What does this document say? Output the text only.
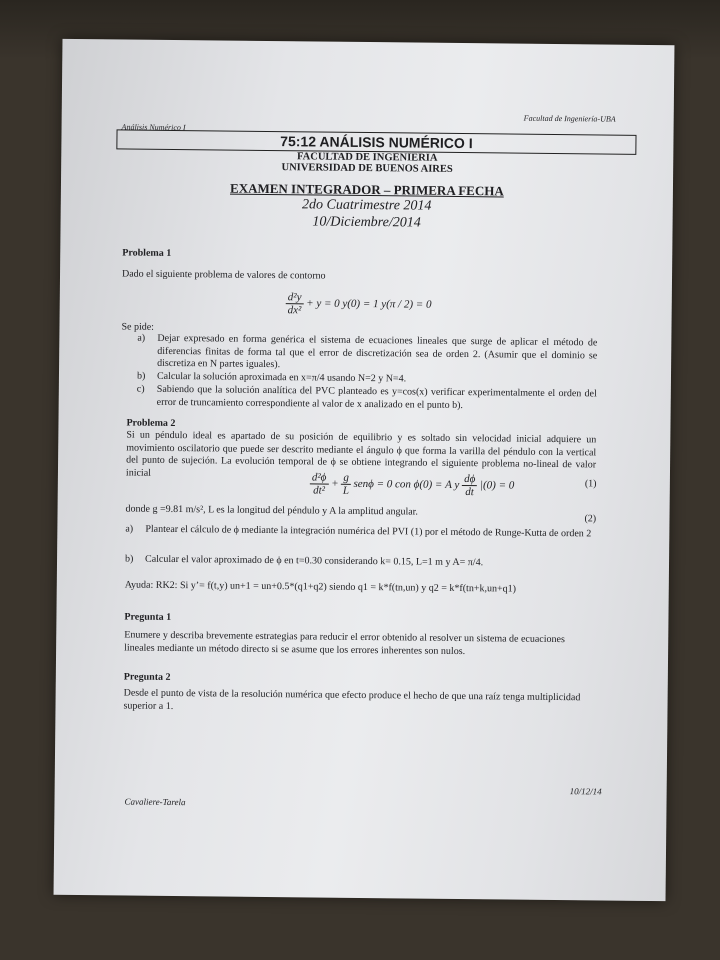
Análisis Numérico I
Facultad de Ingeniería-UBA
75:12 ANÁLISIS NUMÉRICO I
FACULTAD DE INGENIERIA
UNIVERSIDAD DE BUENOS AIRES
EXAMEN INTEGRADOR – PRIMERA FECHA
2do Cuatrimestre 2014
10/Diciembre/2014
Problema 1
Dado el siguiente problema de valores de contorno
$\frac{\text{d²y}}{\text{dx²}} + y = 0$ y(0) = 1 y(π / 2) = 0
Se pide:
a) Dejar expresado en forma genérica el sistema de ecuaciones lineales que surge de aplicar el método de diferencias finitas de forma tal que el error de discretización sea de orden 2. (Asumir que el dominio se discretiza en N partes iguales).
b) Calcular la solución aproximada en x=π/4 usando N=2 y N=4.
c) Sabiendo que la solución analítica del PVC planteado es y=cos(x) verificar experimentalmente el orden del error de truncamiento correspondiente al valor de x analizado en el punto b).
Problema 2
Si un péndulo ideal es apartado de su posición de equilibrio y es soltado sin velocidad inicial adquiere un movimiento oscilatorio que puede ser descrito mediante el ángulo ϕ que forma la varilla del péndulo con la vertical del punto de sujeción. La evolución temporal de ϕ se obtiene integrando el siguiente problema no-lineal de valor inicial	$\frac{\text{d²ϕ}}{\text{dt²}} + \frac{g}{L}$ senϕ = 0 con ϕ(0) = A y $\frac{d\phi}{dt} |(0) = 0$	(1)
donde g =9.81 m/s², L es la longitud del péndulo y A la amplitud angular.
(2)
a) Plantear el cálculo de ϕ mediante la integración numérica del PVI (1) por el método de Runge-Kutta de orden 2
b) Calcular el valor aproximado de ϕ en t=0.30 considerando k= 0.15, L=1 m y A= π/4.
Ayuda: RK2: Si y’= f(t,y) un+1 = un+0.5*(q1+q2) siendo q1 = k*f(tn,un) y q2 = k*f(tn+k,un+q1)
Pregunta 1
Enumere y describa brevemente estrategias para reducir el error obtenido al resolver un sistema de ecuaciones lineales mediante un método directo si se asume que los errores inherentes son nulos.
Pregunta 2
Desde el punto de vista de la resolución numérica que efecto produce el hecho de que una raíz tenga multiplicidad superior a 1.
10/12/14
Cavaliere-Tarela
